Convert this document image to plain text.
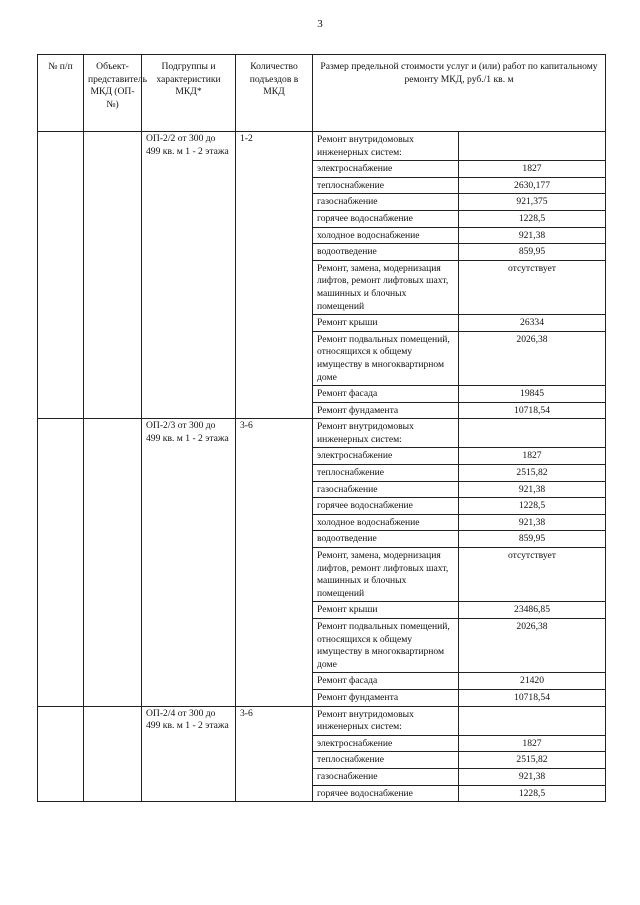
3
№ п/п	Объект-представитель МКД (ОП-№)	Подгруппы и характеристики МКД*	Количество подъездов в МКД	Размер предельной стоимости услуг и (или) работ по капитальному ремонту МКД, руб./1 кв. м	
		ОП-2/2 от 300 до 499 кв. м 1 - 2 этажа	1-2	Ремонт внутридомовых инженерных систем:	
				электроснабжение	1827
				теплоснабжение	2630,177
				газоснабжение	921,375
				горячее водоснабжение	1228,5
				холодное водоснабжение	921,38
				водоотведение	859,95
				Ремонт, замена, модернизация лифтов, ремонт лифтовых шахт, машинных и блочных помещений	отсутствует
				Ремонт крыши	26334
				Ремонт подвальных помещений, относящихся к общему имуществу в многоквартирном доме	2026,38
				Ремонт фасада	19845
				Ремонт фундамента	10718,54
		ОП-2/3 от 300 до 499 кв. м 1 - 2 этажа	3-6	Ремонт внутридомовых инженерных систем:	
				электроснабжение	1827
				теплоснабжение	2515,82
				газоснабжение	921,38
				горячее водоснабжение	1228,5
				холодное водоснабжение	921,38
				водоотведение	859,95
				Ремонт, замена, модернизация лифтов, ремонт лифтовых шахт, машинных и блочных помещений	отсутствует
				Ремонт крыши	23486,85
				Ремонт подвальных помещений, относящихся к общему имуществу в многоквартирном доме	2026,38
				Ремонт фасада	21420
				Ремонт фундамента	10718,54
		ОП-2/4 от 300 до 499 кв. м 1 - 2 этажа	3-6	Ремонт внутридомовых инженерных систем:	
				электроснабжение	1827
				теплоснабжение	2515,82
				газоснабжение	921,38
				горячее водоснабжение	1228,5
